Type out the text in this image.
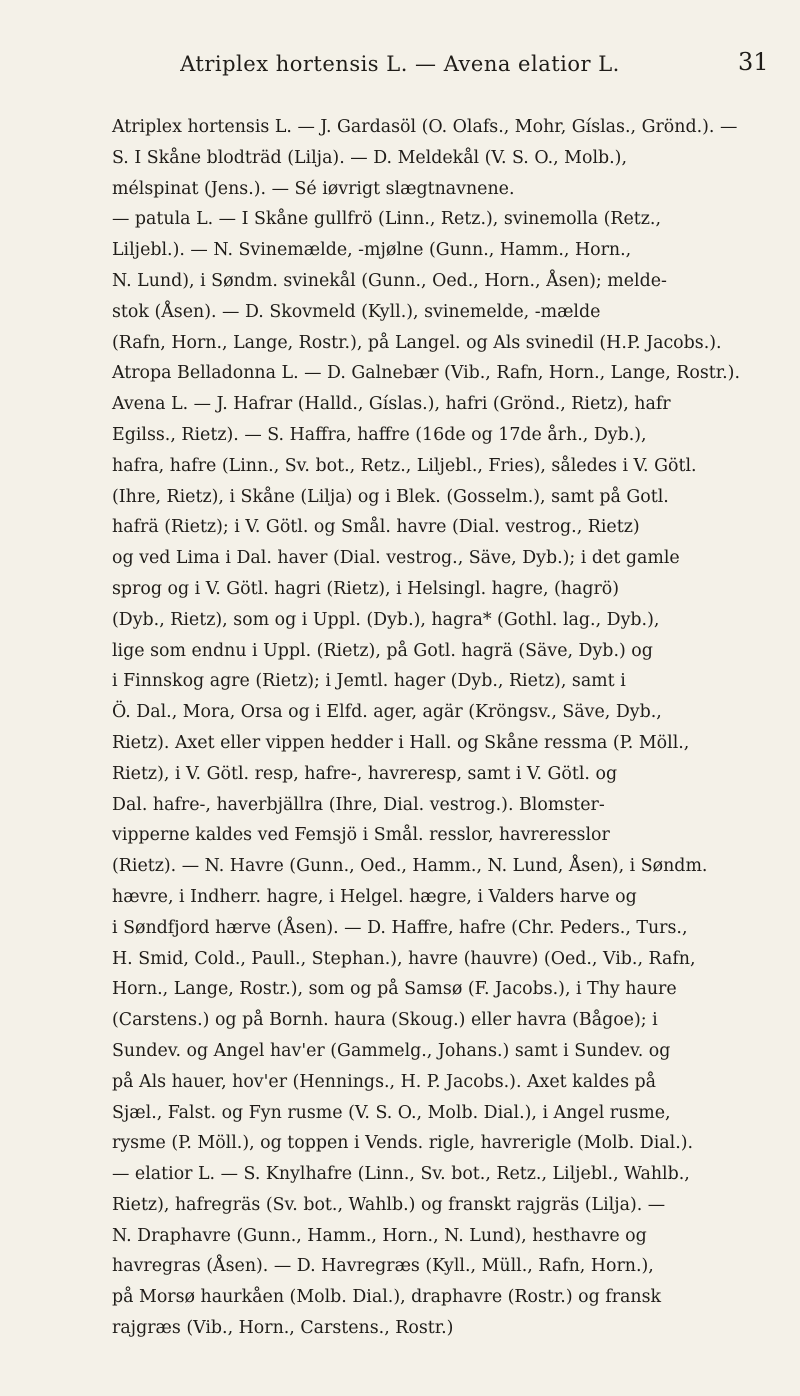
Atriplex hortensis L. — Avena elatior L.	31
Atriplex hortensis L. — J. Gardasöl (O. Olafs., Mohr, Gíslas., Grönd.). —
S. I Skåne blodträd (Lilja). — D. Meldekål (V. S. O., Molb.),
mélspinat (Jens.). — Sé iøvrigt slægtnavnene.
— patula L. — I Skåne gullfrö (Linn., Retz.), svinemolla (Retz.,
Liljebl.). — N. Svinemælde, -mjølne (Gunn., Hamm., Horn.,
N. Lund), i Søndm. svinekål (Gunn., Oed., Horn., Åsen); melde-
stok (Åsen). — D. Skovmeld (Kyll.), svinemelde, -mælde
(Rafn, Horn., Lange, Rostr.), på Langel. og Als svinedil (H.P. Jacobs.).
Atropa Belladonna L. — D. Galnebær (Vib., Rafn, Horn., Lange, Rostr.).
Avena L. — J. Hafrar (Halld., Gíslas.), hafri (Grönd., Rietz), hafr
Egilss., Rietz). — S. Haffra, haffre (16de og 17de årh., Dyb.),
hafra, hafre (Linn., Sv. bot., Retz., Liljebl., Fries), således i V. Götl.
(Ihre, Rietz), i Skåne (Lilja) og i Blek. (Gosselm.), samt på Gotl.
hafrä (Rietz); i V. Götl. og Smål. havre (Dial. vestrog., Rietz)
og ved Lima i Dal. haver (Dial. vestrog., Säve, Dyb.); i det gamle
sprog og i V. Götl. hagri (Rietz), i Helsingl. hagre, (hagrö)
(Dyb., Rietz), som og i Uppl. (Dyb.), hagra* (Gothl. lag., Dyb.),
lige som endnu i Uppl. (Rietz), på Gotl. hagrä (Säve, Dyb.) og
i Finnskog agre (Rietz); i Jemtl. hager (Dyb., Rietz), samt i
Ö. Dal., Mora, Orsa og i Elfd. ager, agär (Kröngsv., Säve, Dyb.,
Rietz). Axet eller vippen hedder i Hall. og Skåne ressma (P. Möll.,
Rietz), i V. Götl. resp, hafre-, havreresp, samt i V. Götl. og
Dal. hafre-, haverbjällra (Ihre, Dial. vestrog.). Blomster-
vipperne kaldes ved Femsjö i Smål. resslor, havreresslor
(Rietz). — N. Havre (Gunn., Oed., Hamm., N. Lund, Åsen), i Søndm.
hævre, i Indherr. hagre, i Helgel. hægre, i Valders harve og
i Søndfjord hærve (Åsen). — D. Haffre, hafre (Chr. Peders., Turs.,
H. Smid, Cold., Paull., Stephan.), havre (hauvre) (Oed., Vib., Rafn,
Horn., Lange, Rostr.), som og på Samsø (F. Jacobs.), i Thy haure
(Carstens.) og på Bornh. haura (Skoug.) eller havra (Bågoe); i
Sundev. og Angel hav'er (Gammelg., Johans.) samt i Sundev. og
på Als hauer, hov'er (Hennings., H. P. Jacobs.). Axet kaldes på
Sjæl., Falst. og Fyn rusme (V. S. O., Molb. Dial.), i Angel rusme,
rysme (P. Möll.), og toppen i Vends. rigle, havrerigle (Molb. Dial.).
— elatior L. — S. Knylhafre (Linn., Sv. bot., Retz., Liljebl., Wahlb.,
Rietz), hafregräs (Sv. bot., Wahlb.) og franskt rajgräs (Lilja). —
N. Draphavre (Gunn., Hamm., Horn., N. Lund), hesthavre og
havregras (Åsen). — D. Havregræs (Kyll., Müll., Rafn, Horn.),
på Morsø haurkåen (Molb. Dial.), draphavre (Rostr.) og fransk
rajgræs (Vib., Horn., Carstens., Rostr.)
